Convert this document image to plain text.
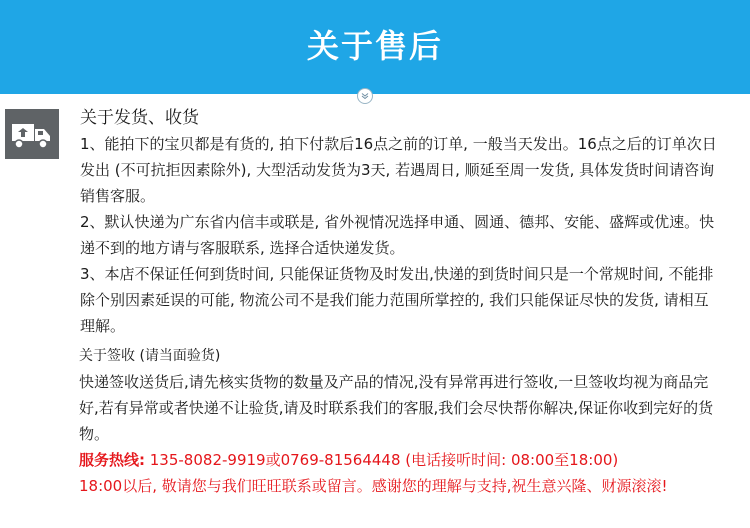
关于售后
关于发货、收货
1、能拍下的宝贝都是有货的, 拍下付款后16点之前的订单, 一般当天发出。16点之后的订单次日发出 (不可抗拒因素除外), 大型活动发货为3天, 若遇周日, 顺延至周一发货, 具体发货时间请咨询销售客服。
2、默认快递为广东省内信丰或联是, 省外视情况选择申通、圆通、德邦、安能、盛辉或优速。快递不到的地方请与客服联系, 选择合适快递发货。
3、本店不保证任何到货时间, 只能保证货物及时发出,快递的到货时间只是一个常规时间, 不能排除个别因素延误的可能, 物流公司不是我们能力范围所掌控的, 我们只能保证尽快的发货, 请相互理解。
关于签收 (请当面验货)
快递签收送货后,请先核实货物的数量及产品的情况,没有异常再进行签收,一旦签收均视为商品完好,若有异常或者快递不让验货,请及时联系我们的客服,我们会尽快帮你解决,保证你收到完好的货物。
服务热线: 135-8082-9919或0769-81564448 (电话接听时间: 08:00至18:00)
18:00以后, 敬请您与我们旺旺联系或留言。感谢您的理解与支持,祝生意兴隆、财源滚滚!
